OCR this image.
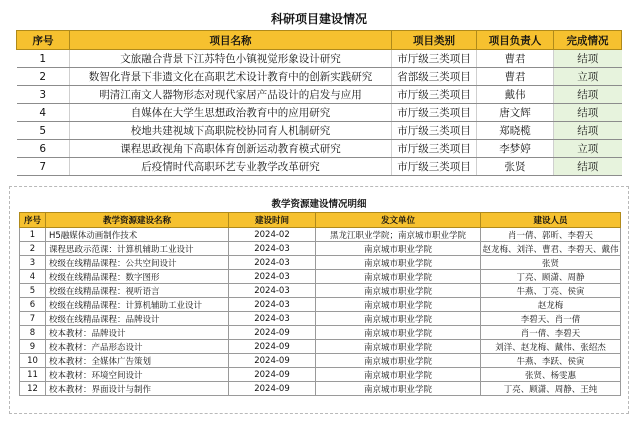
科研项目建设情况
序号	项目名称	项目类别	项目负责人	完成情况
1	文旅融合背景下江苏特色小镇视觉形象设计研究	市厅级三类项目	曹君	结项
2	数智化背景下非遗文化在高职艺术设计教育中的创新实践研究	省部级三类项目	曹君	立项
3	明清江南文人器物形态对现代家居产品设计的启发与应用	市厅级三类项目	戴伟	结项
4	自媒体在大学生思想政治教育中的应用研究	市厅级三类项目	唐文辉	结项
5	校地共建视域下高职院校协同育人机制研究	市厅级三类项目	郑晓榄	结项
6	课程思政视角下高职体育创新运动教育模式研究	市厅级三类项目	李梦婷	立项
7	后疫情时代高职环艺专业教学改革研究	市厅级三类项目	张贤	结项
教学资源建设情况明细
序号	教学资源建设名称	建设时间	发文单位	建设人员
1	H5融媒体动画制作技术	2024-02	黑龙江职业学院；南京城市职业学院	肖一倩、郭昕、李碧天
2	课程思政示范课：计算机辅助工业设计	2024-03	南京城市职业学院	赵龙梅、刘洋、曹君、李碧天、戴伟
3	校级在线精品课程：公共空间设计	2024-03	南京城市职业学院	张贤
4	校级在线精品课程：数字图形	2024-03	南京城市职业学院	丁亮、顾潇、周静
5	校级在线精品课程：视听语言	2024-03	南京城市职业学院	牛燕、丁亮、侯寅
6	校级在线精品课程：计算机辅助工业设计	2024-03	南京城市职业学院	赵龙梅
7	校级在线精品课程：品牌设计	2024-03	南京城市职业学院	李碧天、肖一倩
8	校本教材：品牌设计	2024-09	南京城市职业学院	肖一倩、李碧天
9	校本教材：产品形态设计	2024-09	南京城市职业学院	刘洋、赵龙梅、戴伟、张绍杰
10	校本教材：全媒体广告策划	2024-09	南京城市职业学院	牛燕、李跃、侯寅
11	校本教材：环境空间设计	2024-09	南京城市职业学院	张贤、杨雯惠
12	校本教材：界面设计与制作	2024-09	南京城市职业学院	丁亮、顾潇、周静、王纯
